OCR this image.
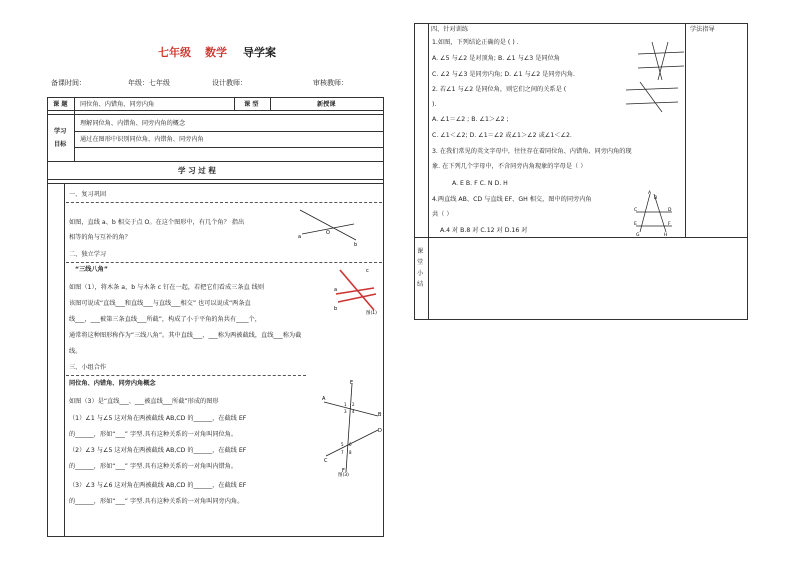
七年级 数学 导学案
备课时间：	年级：七年级	设计教师：	审核教师：
课 题 同位角、内错角、同旁内角	课 型	新授课
学习
目标
理解同位角、内错角、同旁内角的概念
通过在图形中识别同位角、内错角、同旁内角
学 习 过 程
一、复习巩固
如图，直线 a、b 相交于点 O。在这个图形中，有几个角？ 指出
相等的角与互补的角？	a
O
b
二、独立学习
“三线八角”
如图（1），将木条 a，b 与木条 c 钉在一起，若把它们看成三条直 线则
该图可说成“直线___和直线___与直线___相交” 也可以说成“两条直
线___，___被第三条直线___所截”，构成了小于平角的角共有____个，
通常将这种图形称作为“三线八角”。其中直线___，___称为两被截线，直线___称为截
线。
c
a
b
图(1)
三、小组合作
同位角、内错角、同旁内角概念
如图（3）是“直线___、___被直线___所截”形成的图形
（1）∠1 与∠5 这对角在两被截线 AB,CD 的______，在截线 EF
的______，形如“___” 字型.具有这种关系的一对角叫同位角。
（2）∠3 与∠5 这对角在两被截线 AB,CD 的______，在截线 EF
的______，形如“___” 字型.具有这种关系的一对角叫内错角。
（3）∠3 与∠6 这对角在两被截线 AB,CD 的______，在截线 EF
的______，形如“___” 字型.具有这种关系的一对角叫同旁内角。
E
A
B
C
D
F
图(3)
1 2
3 4
5 6
7 8
四、针对训练	学法指导
1.如图，下列结论正确的是 ( ) .
A. ∠5 与∠2 是对顶角; B. ∠1 与∠3 是同位角
C. ∠2 与∠3 是同旁内角; D. ∠1 与∠2 是同旁内角.
2. 若∠1 与∠2 是同位角，则它们之间的关系是 (
).
A. ∠1＝∠2 ; B. ∠1＞∠2 ;
C. ∠1＜∠2; D. ∠1＝∠2 或∠1＞∠2 或∠1＜∠2.
3. 在我们常见的英文字母中，往往存在着同位角、内错角、同旁内角的现
象. 在下列几个字母中，不含同旁内角现象的字母是（ ）
A. E B. F C. N D. H
4.两直线 AB、CD 与直线 EF、GH 相交，图中的同旁内角
共（ ）
A.4 对 B.8 对 C.12 对 D.16 对
A
B
C	D
E	F
G	H
课
堂
小
结
